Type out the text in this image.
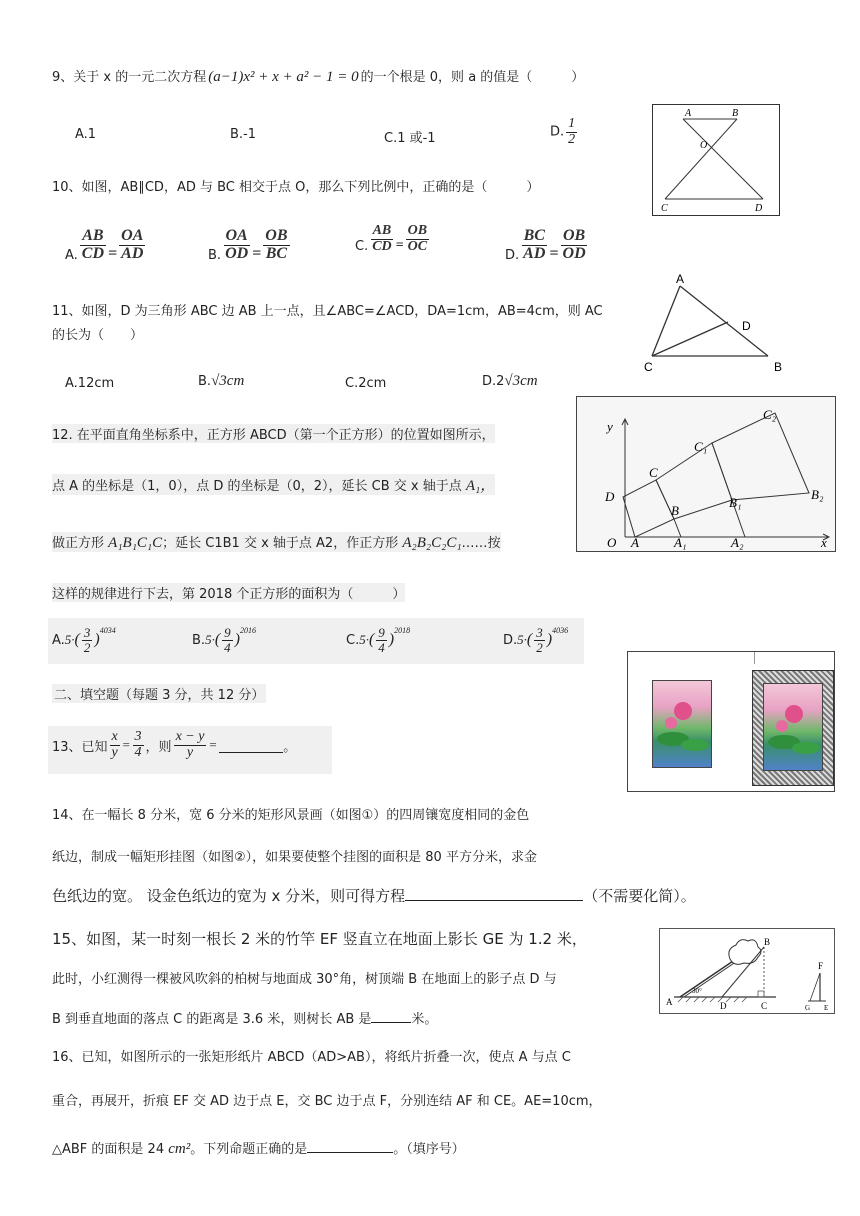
9、关于 x 的一元二次方程 (a−1)x² + x + a² − 1 = 0 的一个根是 0，则 a 的值是（　　　）
A.1	B.-1	C.1 或-1	D. $\frac{1}{2}$
A	B
O
C	D
10、如图，AB∥CD，AD 与 BC 相交于点 O，那么下列比例中，正确的是（　　　）
A. $\frac{AB}{CD} = \frac{OA}{AD}$	B. $\frac{OA}{OD} = \frac{OB}{BC}$	C. $\frac{AB}{CD} = \frac{OB}{OC}$
D. $\frac{BC}{AD} = \frac{OB}{OD}$
A
D
C	B
11、如图，D 为三角形 ABC 边 AB 上一点，且∠ABC=∠ACD，DA=1cm，AB=4cm，则 AC
的长为（　　）
A.12cm	B.√3cm	C.2cm	D.2√3cm
y
C₂
C₁
C
D
B
B₁
B₂
O A	A₁	A₂	x
12. 在平面直角坐标系中，正方形 ABCD（第一个正方形）的位置如图所示，
点 A 的坐标是（1，0），点 D 的坐标是（0，2），延长 CB 交 x 轴于点 A₁，
做正方形 A₁B₁C₁C；延长 C1B1 交 x 轴于点 A2，作正方形 A₂B₂C₂C₁……按
这样的规律进行下去，第 2018 个正方形的面积为（　　　）
A. 5· ( $\frac{3}{2}$ )
$^{4034}$
B. 5· ( $\frac{9}{4}$ )
$^{2016}$
C. 5· ( $\frac{9}{4}$ )
$^{2018}$
D. 5· ( $\frac{3}{2}$ )
$^{4036}$
二、填空题（每题 3 分，共 12 分）
13、已知 $\frac{x}{y} = \frac{3}{4}$ ，则 $\frac{x - y}{y}$ =	。
14、在一幅长 8 分米，宽 6 分米的矩形风景画（如图①）的四周镶宽度相同的金色
纸边，制成一幅矩形挂图（如图②），如果要使整个挂图的面积是 80 平方分米，求金
色纸边的宽。 设金色纸边的宽为 x 分米，则可得方程	（不需要化简）。
B
F
A
30°
D	C	G E
15、如图，某一时刻一根长 2 米的竹竿 EF 竖直立在地面上影长 GE 为 1.2 米，
此时，小红测得一棵被风吹斜的柏树与地面成 30°角，树顶端 B 在地面上的影子点 D 与
B 到垂直地面的落点 C 的距离是 3.6 米，则树长 AB 是	米。
16、已知，如图所示的一张矩形纸片 ABCD（AD>AB），将纸片折叠一次，使点 A 与点 C
重合，再展开，折痕 EF 交 AD 边于点 E，交 BC 边于点 F，分别连结 AF 和 CE。AE=10cm，
△ABF 的面积是 24 cm²。下列命题正确的是	。（填序号）
